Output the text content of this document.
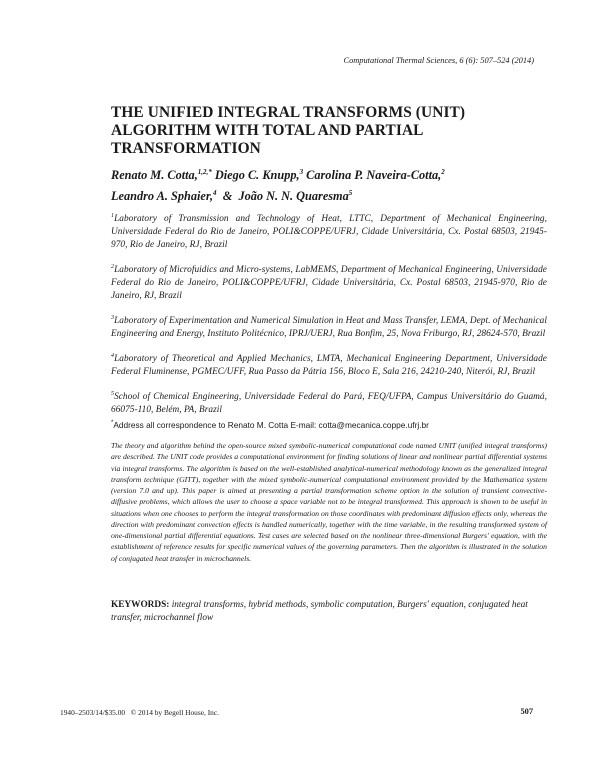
Computational Thermal Sciences, 6 (6): 507–524 (2014)
THE UNIFIED INTEGRAL TRANSFORMS (UNIT) ALGORITHM WITH TOTAL AND PARTIAL TRANSFORMATION
Renato M. Cotta,$^{1,2,*}$ Diego C. Knupp,$^3$ Carolina P. Naveira-Cotta,$^2$
Leandro A. Sphaier,$^4$ & João N. N. Quaresma$^5$
$^1$Laboratory of Transmission and Technology of Heat, LTTC, Department of Mechanical Engineering, Universidade Federal do Rio de Janeiro, POLI&COPPE/UFRJ, Cidade Universitária, Cx. Postal 68503, 21945-970, Rio de Janeiro, RJ, Brazil
$^2$Laboratory of Microfuidics and Micro-systems, LabMEMS, Department of Mechanical Engineering, Universidade Federal do Rio de Janeiro, POLI&COPPE/UFRJ, Cidade Universitária, Cx. Postal 68503, 21945-970, Rio de Janeiro, RJ, Brazil
$^3$Laboratory of Experimentation and Numerical Simulation in Heat and Mass Transfer, LEMA, Dept. of Mechanical Engineering and Energy, Instituto Politécnico, IPRJ/UERJ, Rua Bonfim, 25, Nova Friburgo, RJ, 28624-570, Brazil
$^4$Laboratory of Theoretical and Applied Mechanics, LMTA, Mechanical Engineering Department, Universidade Federal Fluminense, PGMEC/UFF, Rua Passo da Pátria 156, Bloco E, Sala 216, 24210-240, Niterói, RJ, Brazil
$^5$School of Chemical Engineering, Universidade Federal do Pará, FEQ/UFPA, Campus Universitário do Guamá, 66075-110, Belém, PA, Brazil
*Address all correspondence to Renato M. Cotta E-mail: cotta@mecanica.coppe.ufrj.br

The theory and algorithm behind the open-source mixed symbolic-numerical computational code named UNIT (unified integral transforms) are described. The UNIT code provides a computational environment for finding solutions of linear and nonlinear partial differential systems via integral transforms. The algorithm is based on the well-established analytical-numerical methodology known as the generalized integral transform technique (GITT), together with the mixed symbolic-numerical computational environment provided by the Mathematica system (version 7.0 and up). This paper is aimed at presenting a partial transformation scheme option in the solution of transient convective-diffusive problems, which allows the user to choose a space variable not to be integral transformed. This approach is shown to be useful in situations when one chooses to perform the integral transformation on those coordinates with predominant diffusion effects only, whereas the direction with predominant convection effects is handled numerically, together with the time variable, in the resulting transformed system of one-dimensional partial differential equations. Test cases are selected based on the nonlinear three-dimensional Burgers' equation, with the establishment of reference results for specific numerical values of the governing parameters. Then the algorithm is illustrated in the solution of conjugated heat transfer in microchannels.

KEYWORDS: integral transforms, hybrid methods, symbolic computation, Burgers' equation, conjugated heat transfer, microchannel flow
1940–2503/14/$35.00 © 2014 by Begell House, Inc.	507
